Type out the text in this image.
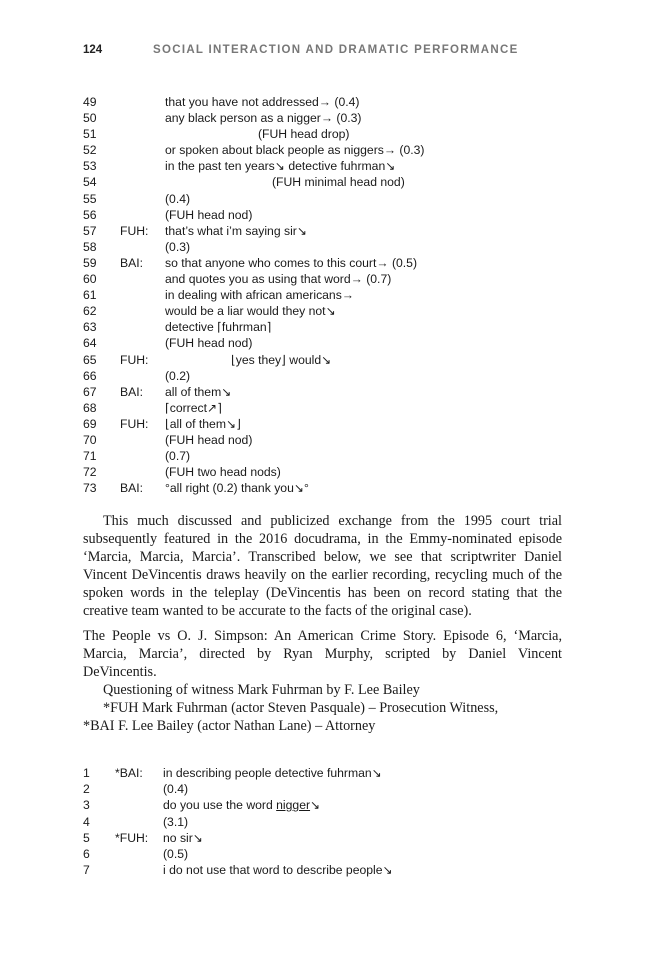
124	SOCIAL INTERACTION AND DRAMATIC PERFORMANCE
49	that you have not addressed→ (0.4)
50	any black person as a nigger→ (0.3)
51	(FUH head drop)
52	or spoken about black people as niggers→ (0.3)
53	in the past ten years↘ detective fuhrman↘
54	(FUH minimal head nod)
55	(0.4)
56	(FUH head nod)
57 FUH: that’s what i’m saying sir↘
58	(0.3)
59 BAI: so that anyone who comes to this court→ (0.5)
60	and quotes you as using that word→ (0.7)
61	in dealing with african americans→
62	would be a liar would they not↘
63	detective ⌈fuhrman⌉
64	(FUH head nod)
65 FUH:	⌊yes they⌋ would↘
66	(0.2)
67 BAI: all of them↘
68	⌈correct↗⌉
69 FUH: ⌊all of them↘⌋
70	(FUH head nod)
71	(0.7)
72	(FUH two head nods)
73 BAI: °all right (0.2) thank you↘°

This much discussed and publicized exchange from the 1995 court trial subsequently featured in the 2016 docudrama, in the Emmy-nominated episode ‘Marcia, Marcia, Marcia’. Transcribed below, we see that scriptwriter Daniel Vincent DeVincentis draws heavily on the earlier recording, recycling much of the spoken words in the teleplay (DeVincentis has been on record stating that the creative team wanted to be accurate to the facts of the original case).

The People vs O. J. Simpson: An American Crime Story. Episode 6, ‘Marcia, Marcia, Marcia’, directed by Ryan Murphy, scripted by Daniel Vincent DeVincentis.

Questioning of witness Mark Fuhrman by F. Lee Bailey

*FUH Mark Fuhrman (actor Steven Pasquale) – Prosecution Witness,

*BAI F. Lee Bailey (actor Nathan Lane) – Attorney

1 *BAI: in describing people detective fuhrman↘
2	(0.4)
3	do you use the word nigger↘
4	(3.1)
5 *FUH: no sir↘
6	(0.5)
7	i do not use that word to describe people↘
